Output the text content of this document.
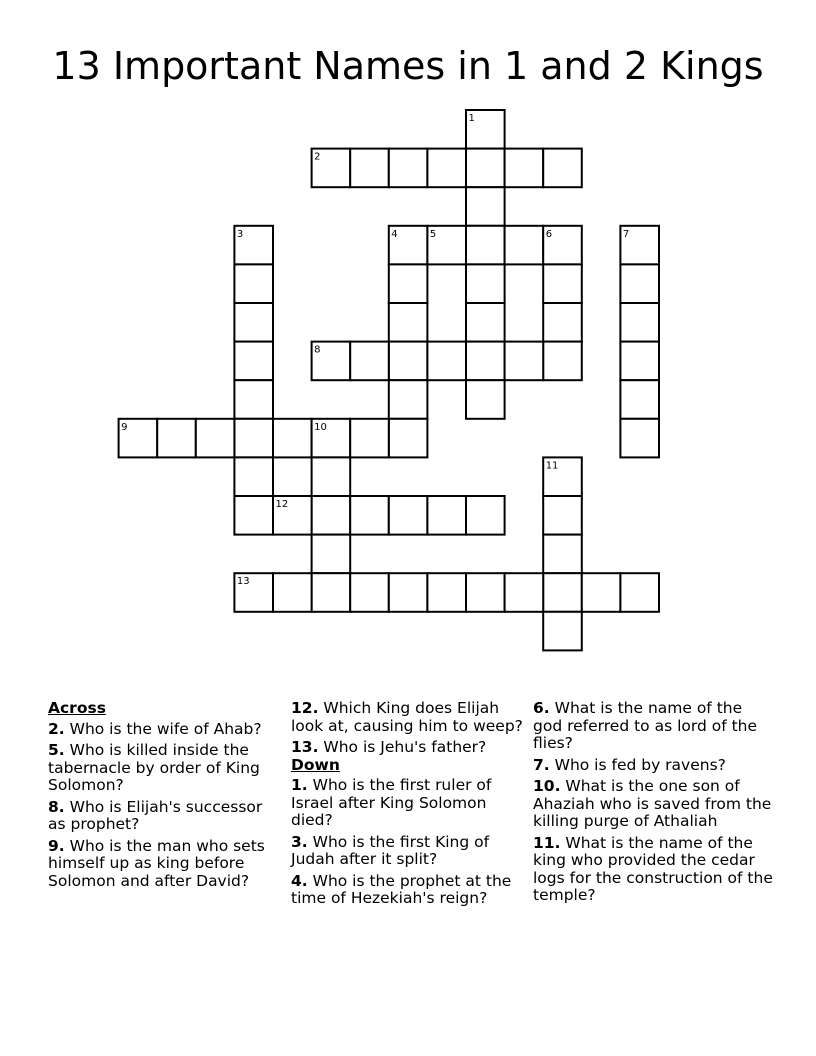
13 Important Names in 1 and 2 Kings
1
2
3	4	5	6	7
8
9	10
11
12
13
Across
2. Who is the wife of Ahab?
5. Who is killed inside the tabernacle by order of King Solomon?
8. Who is Elijah's successor as prophet?
9. Who is the man who sets himself up as king before Solomon and after David?
12. Which King does Elijah look at, causing him to weep?
13. Who is Jehu's father?
Down
1. Who is the first ruler of Israel after King Solomon died?
3. Who is the first King of Judah after it split?
4. Who is the prophet at the time of Hezekiah's reign?
6. What is the name of the god referred to as lord of the flies?
7. Who is fed by ravens?
10. What is the one son of Ahaziah who is saved from the killing purge of Athaliah
11. What is the name of the king who provided the cedar logs for the construction of the temple?
